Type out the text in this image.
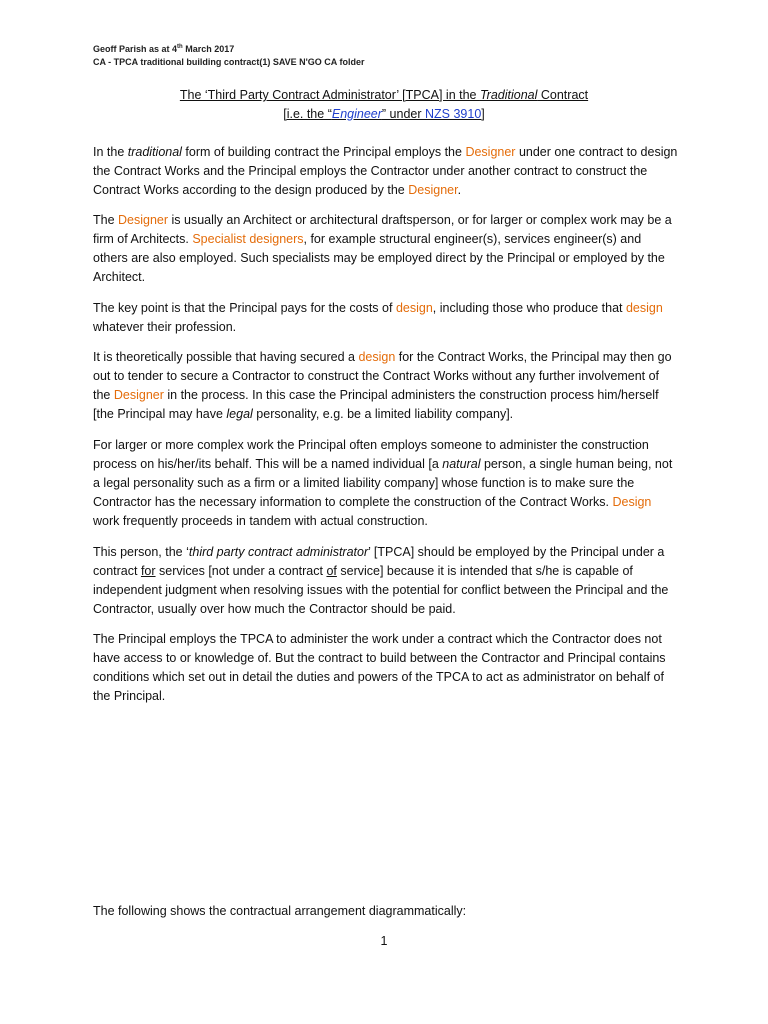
Geoff Parish as at 4th March 2017
CA - TPCA traditional building contract(1) SAVE N'GO CA folder
The ‘Third Party Contract Administrator’ [TPCA] in the Traditional Contract
[i.e. the “Engineer” under NZS 3910]

In the traditional form of building contract the Principal employs the Designer under one contract to design the Contract Works and the Principal employs the Contractor under another contract to construct the Contract Works according to the design produced by the Designer.

The Designer is usually an Architect or architectural draftsperson, or for larger or complex work may be a firm of Architects. Specialist designers, for example structural engineer(s), services engineer(s) and others are also employed. Such specialists may be employed direct by the Principal or employed by the Architect.

The key point is that the Principal pays for the costs of design, including those who produce that design whatever their profession.

It is theoretically possible that having secured a design for the Contract Works, the Principal may then go out to tender to secure a Contractor to construct the Contract Works without any further involvement of the Designer in the process. In this case the Principal administers the construction process him/herself [the Principal may have legal personality, e.g. be a limited liability company].

For larger or more complex work the Principal often employs someone to administer the construction process on his/her/its behalf. This will be a named individual [a natural person, a single human being, not a legal personality such as a firm or a limited liability company] whose function is to make sure the Contractor has the necessary information to complete the construction of the Contract Works. Design work frequently proceeds in tandem with actual construction.

This person, the ‘third party contract administrator’ [TPCA] should be employed by the Principal under a contract for services [not under a contract of service] because it is intended that s/he is capable of independent judgment when resolving issues with the potential for conflict between the Principal and the Contractor, usually over how much the Contractor should be paid.

The Principal employs the TPCA to administer the work under a contract which the Contractor does not have access to or knowledge of. But the contract to build between the Contractor and Principal contains conditions which set out in detail the duties and powers of the TPCA to act as administrator on behalf of the Principal.

The following shows the contractual arrangement diagrammatically:

1
